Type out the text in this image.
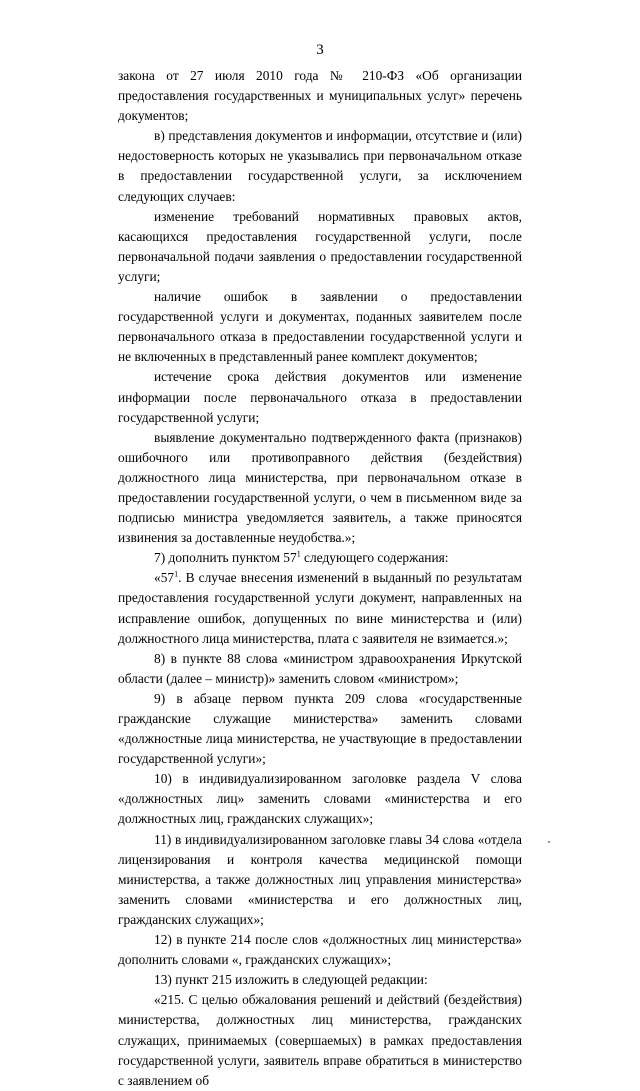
3

закона от 27 июля 2010 года № 210-ФЗ «Об организации предоставления государственных и муниципальных услуг» перечень документов;

в) представления документов и информации, отсутствие и (или) недостоверность которых не указывались при первоначальном отказе в предоставлении государственной услуги, за исключением следующих случаев:

изменение требований нормативных правовых актов, касающихся предоставления государственной услуги, после первоначальной подачи заявления о предоставлении государственной услуги;

наличие ошибок в заявлении о предоставлении государственной услуги и документах, поданных заявителем после первоначального отказа в предоставлении государственной услуги и не включенных в представленный ранее комплект документов;

истечение срока действия документов или изменение информации после первоначального отказа в предоставлении государственной услуги;

выявление документально подтвержденного факта (признаков) ошибочного или противоправного действия (бездействия) должностного лица министерства, при первоначальном отказе в предоставлении государственной услуги, о чем в письменном виде за подписью министра уведомляется заявитель, а также приносятся извинения за доставленные неудобства.»;

7) дополнить пунктом $57^1$ следующего содержания:

«$57^1$. В случае внесения изменений в выданный по результатам предоставления государственной услуги документ, направленных на исправление ошибок, допущенных по вине министерства и (или) должностного лица министерства, плата с заявителя не взимается.»;

8) в пункте 88 слова «министром здравоохранения Иркутской области (далее – министр)» заменить словом «министром»;

9) в абзаце первом пункта 209 слова «государственные гражданские служащие министерства» заменить словами «должностные лица министерства, не участвующие в предоставлении государственной услуги»;

10) в индивидуализированном заголовке раздела V слова «должностных лиц» заменить словами «министерства и его должностных лиц, гражданских служащих»;

11) в индивидуализированном заголовке главы 34 слова «отдела лицензирования и контроля качества медицинской помощи министерства, а также должностных лиц управления министерства» заменить словами «министерства и его должностных лиц, гражданских служащих»;

12) в пункте 214 после слов «должностных лиц министерства» дополнить словами «, гражданских служащих»;

13) пункт 215 изложить в следующей редакции:

«215. С целью обжалования решений и действий (бездействия) министерства, должностных лиц министерства, гражданских служащих, принимаемых (совершаемых) в рамках предоставления государственной услуги, заявитель вправе обратиться в министерство с заявлением об
